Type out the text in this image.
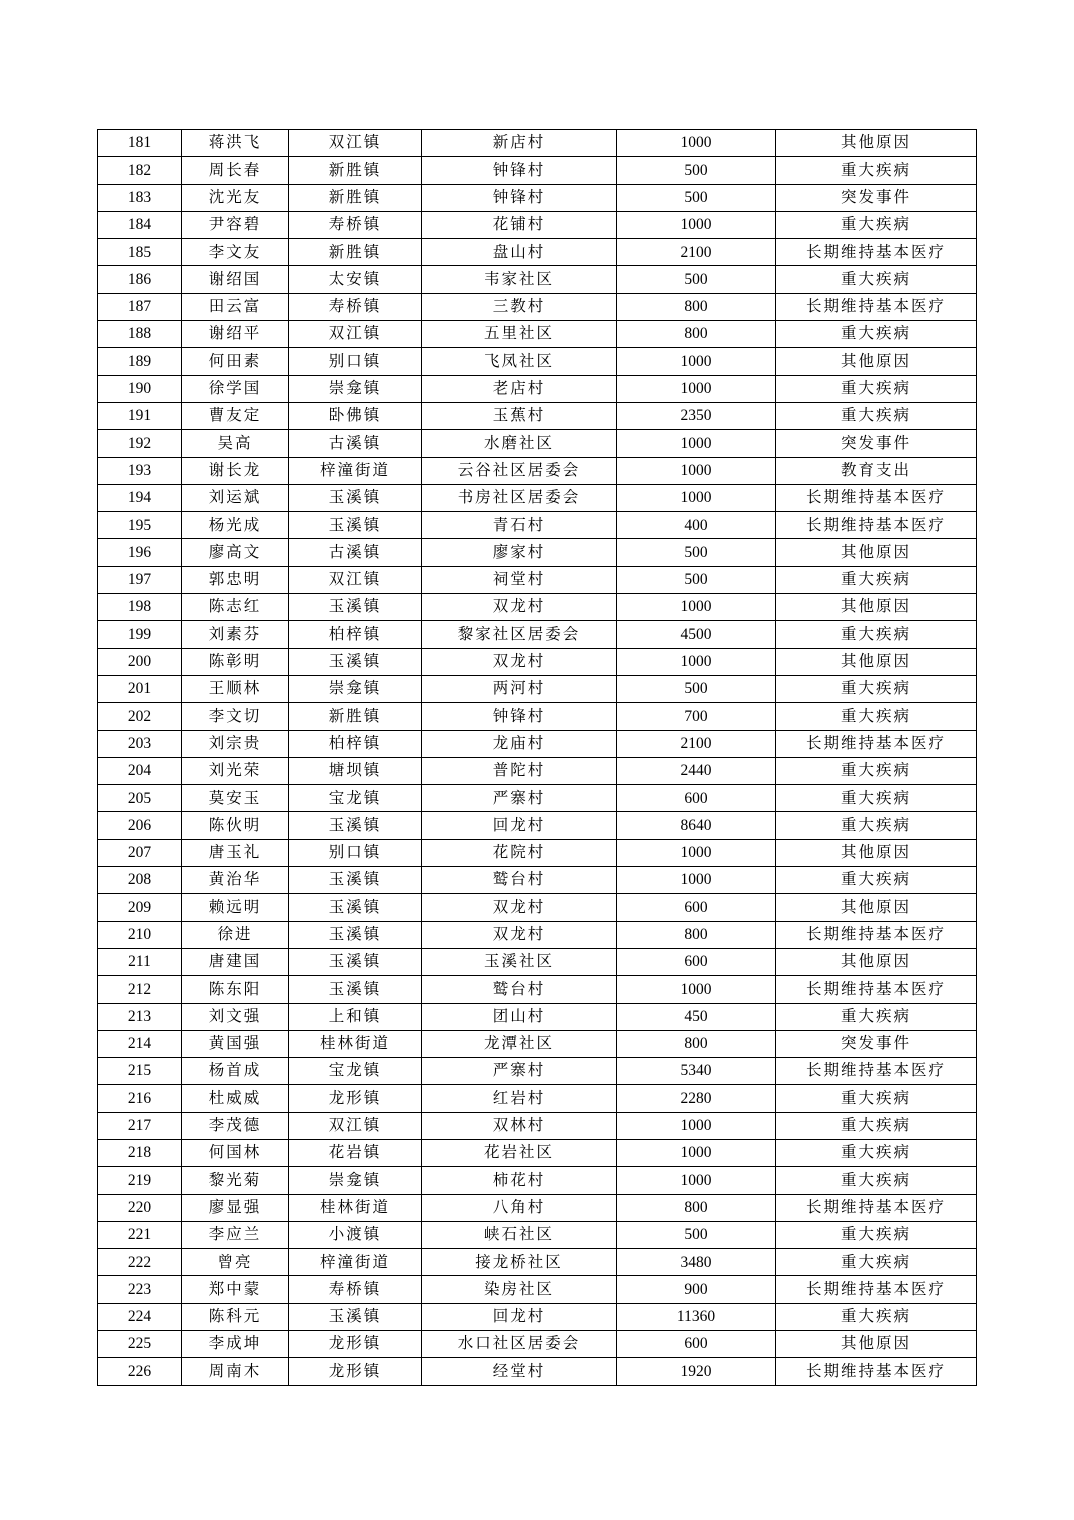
181	蒋洪飞	双江镇	新店村	1000	其他原因
182	周长春	新胜镇	钟锋村	500	重大疾病
183	沈光友	新胜镇	钟锋村	500	突发事件
184	尹容碧	寿桥镇	花铺村	1000	重大疾病
185	李文友	新胜镇	盘山村	2100	长期维持基本医疗
186	谢绍国	太安镇	韦家社区	500	重大疾病
187	田云富	寿桥镇	三教村	800	长期维持基本医疗
188	谢绍平	双江镇	五里社区	800	重大疾病
189	何田素	别口镇	飞凤社区	1000	其他原因
190	徐学国	崇龛镇	老店村	1000	重大疾病
191	曹友定	卧佛镇	玉蕉村	2350	重大疾病
192	吴高	古溪镇	水磨社区	1000	突发事件
193	谢长龙	梓潼街道	云谷社区居委会	1000	教育支出
194	刘运斌	玉溪镇	书房社区居委会	1000	长期维持基本医疗
195	杨光成	玉溪镇	青石村	400	长期维持基本医疗
196	廖高文	古溪镇	廖家村	500	其他原因
197	郭忠明	双江镇	祠堂村	500	重大疾病
198	陈志红	玉溪镇	双龙村	1000	其他原因
199	刘素芬	柏梓镇	黎家社区居委会	4500	重大疾病
200	陈彰明	玉溪镇	双龙村	1000	其他原因
201	王顺林	崇龛镇	两河村	500	重大疾病
202	李文切	新胜镇	钟锋村	700	重大疾病
203	刘宗贵	柏梓镇	龙庙村	2100	长期维持基本医疗
204	刘光荣	塘坝镇	普陀村	2440	重大疾病
205	莫安玉	宝龙镇	严寨村	600	重大疾病
206	陈伙明	玉溪镇	回龙村	8640	重大疾病
207	唐玉礼	别口镇	花院村	1000	其他原因
208	黄治华	玉溪镇	鹫台村	1000	重大疾病
209	赖远明	玉溪镇	双龙村	600	其他原因
210	徐进	玉溪镇	双龙村	800	长期维持基本医疗
211	唐建国	玉溪镇	玉溪社区	600	其他原因
212	陈东阳	玉溪镇	鹫台村	1000	长期维持基本医疗
213	刘文强	上和镇	团山村	450	重大疾病
214	黄国强	桂林街道	龙潭社区	800	突发事件
215	杨首成	宝龙镇	严寨村	5340	长期维持基本医疗
216	杜威威	龙形镇	红岩村	2280	重大疾病
217	李茂德	双江镇	双林村	1000	重大疾病
218	何国林	花岩镇	花岩社区	1000	重大疾病
219	黎光菊	崇龛镇	柿花村	1000	重大疾病
220	廖显强	桂林街道	八角村	800	长期维持基本医疗
221	李应兰	小渡镇	峡石社区	500	重大疾病
222	曾亮	梓潼街道	接龙桥社区	3480	重大疾病
223	郑中蒙	寿桥镇	染房社区	900	长期维持基本医疗
224	陈科元	玉溪镇	回龙村	11360	重大疾病
225	李成坤	龙形镇	水口社区居委会	600	其他原因
226	周南木	龙形镇	经堂村	1920	长期维持基本医疗
